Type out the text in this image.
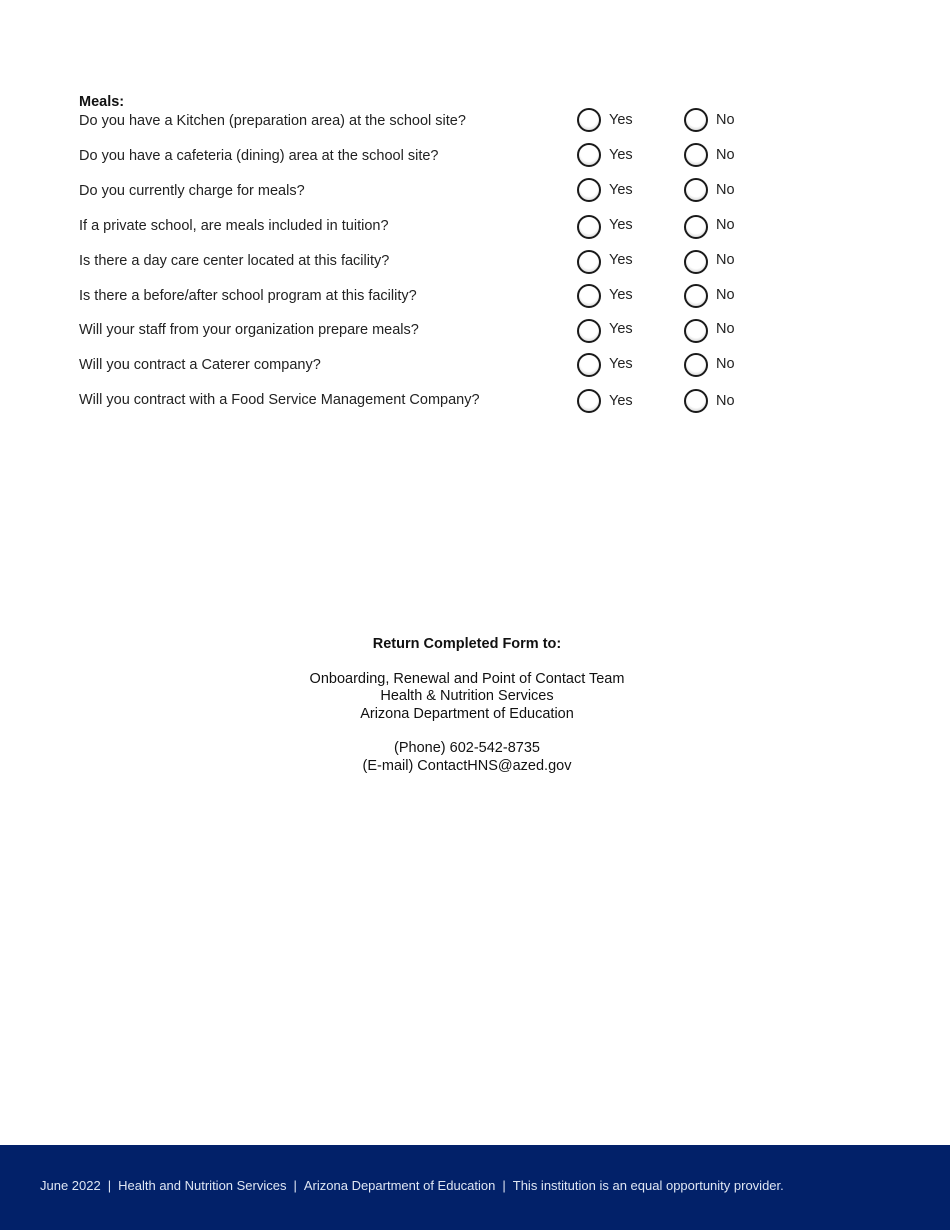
Meals:
Do you have a Kitchen (preparation area) at the school site?	Yes	No
Do you have a cafeteria (dining) area at the school site?	Yes	No
Do you currently charge for meals?	Yes	No
If a private school, are meals included in tuition?	Yes	No
Is there a day care center located at this facility?	Yes	No
Is there a before/after school program at this facility?	Yes	No
Will your staff from your organization prepare meals?	Yes	No
Will you contract a Caterer company?	Yes	No
Will you contract with a Food Service Management Company?	Yes	No
Return Completed Form to:
Onboarding, Renewal and Point of Contact Team
Health & Nutrition Services
Arizona Department of Education
(Phone) 602-542-8735
(E-mail) ContactHNS@azed.gov
June 2022 | Health and Nutrition Services | Arizona Department of Education | This institution is an equal opportunity provider.
